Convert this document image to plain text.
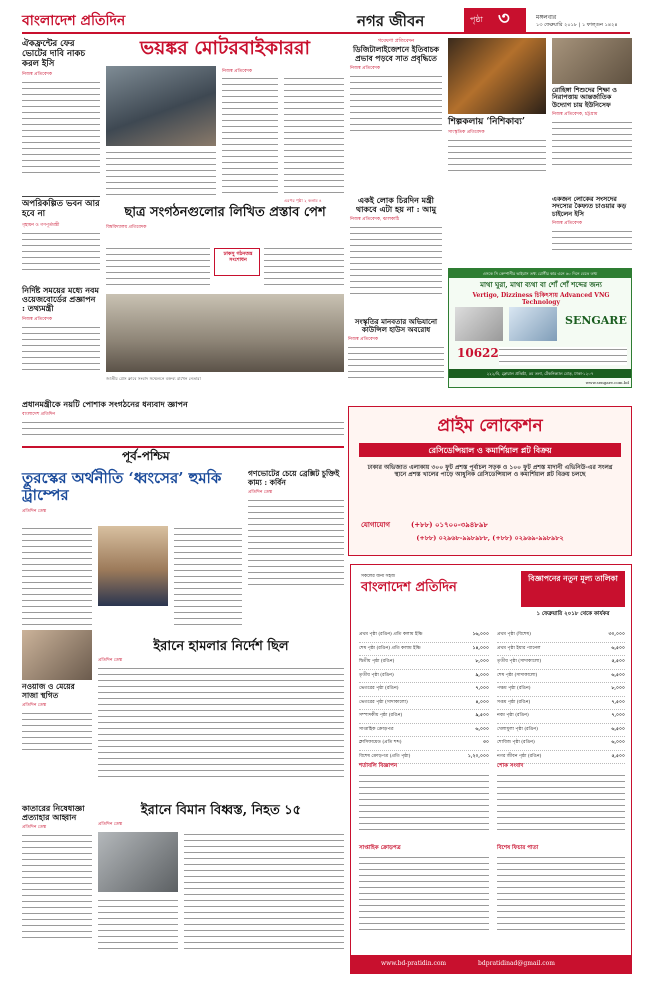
বাংলাদেশ প্রতিদিন	নগর জীবন	পৃষ্ঠা ৩	মঙ্গলবার
১৩ ফেব্রুয়ারি ২০১৮ | ১ ফাল্গুন ১৪২৪
ঐকফ্রন্টের ফের ভোটের দাবি নাকচ করল ইসি
নিজস্ব প্রতিবেদক
ভয়ঙ্কর মোটরবাইকাররা
নিজস্ব প্রতিবেদক
এরপর পৃষ্ঠা ২ কলাম ৪
অপরিকল্পিত ভবন আর হবে না
গৃহায়ন ও গণপূর্তমন্ত্রী
ছাত্র সংগঠনগুলোর লিখিত প্রস্তাব পেশ
বিশ্ববিদ্যালয় প্রতিবেদক
ঢাকসু গঠনতন্ত্র সংশোধন
জাতীয় প্রেস ক্লাবে সংবাদ সম্মেলনে বক্তব্য রাখেন নেতারা
নির্দিষ্ট সময়ের মধ্যে নবম ওয়েজবোর্ডের প্রজ্ঞাপন : তথ্যমন্ত্রী
নিজস্ব প্রতিবেদক
গবেষণা প্রতিবেদন
ডিজিটালাইজেশনে ইতিবাচক প্রভাব পড়বে সাত প্রবৃদ্ধিতে
নিজস্ব প্রতিবেদক
একই লোক চিরদিন মন্ত্রী থাকবে এটা হয় না : আমু
নিজস্ব প্রতিবেদক, ঝালকাঠি
শিল্পকলায় ‘নিশিকাব্য’
সাংস্কৃতিক প্রতিবেদক
রোহিঙ্গা শিশুদের শিক্ষা ও নিরাপত্তায় আন্তর্জাতিক উদ্যোগ চায় ইউনিসেফ
নিজস্ব প্রতিবেদক, চট্টগ্রাম
একজন লোকের সংসদের সদস্যের কৈফ্যত চাওয়ার কড় চাইলেন ইসি
নিজস্ব প্রতিবেদক
এসকে সি কেম্পানীর ভাইরাস তথ্য রোগীর কার এনে ৬০ দিনে বেতে তথ্য
মাথা ঘুরা, মাথা ব্যথা বা শোঁ শোঁ শব্দের জন্য
Vertigo, Dizziness চিকিৎসায় Advanced VNG Technology
SENGARE
10622
২২২/বি, ফ্লোরাল প্রতিষ্ঠা, ৫ম তলা, টেকনিক্যাল মোড়, ঢাকা-১২০৭
www.sengare.com.bd
সংস্কৃতির মানবতার অভিযানো কাউন্সিল হাউস অবরোধ
নিজস্ব প্রতিবেদক
প্রাইম লোকেশন
রেসিডেন্সিয়াল ও কমার্শিয়াল প্লট বিক্রয়
ঢাকার অভিজাত এলাকায় ৩০০ ফুট প্রশস্ত পূর্বাচল সড়ক ও ১০০ ফুট প্রশস্ত মাদানী এভিনিউ-এর সংলগ্ন স্থানে প্রশস্ত খালের পাড়ে আধুনিক রেসিডেন্সিয়াল ও কমার্শিয়াল প্লট বিক্রয় চলছে
যোগাযোগ	(+৮৮) ০১৭০০-৩৯৪৮৯৮
(+৮৮) ০২৯৬৮-৯৯৮৯৮৮, (+৮৮) ০২৯৬৯-৯৯৮৯৮২
পূর্ব-পশ্চিম
তুরস্কের অর্থনীতি ‘ধ্বংসের’ হুমকি ট্রাম্পের
প্রতিদিন ডেস্ক
গণভোটের চেয়ে ব্রেক্সিট চুক্তিই কাম্য : কর্বিন
প্রতিদিন ডেস্ক
নওয়াজ ও মেয়ের সাজা স্থগিত
প্রতিদিন ডেস্ক
ইরানে হামলার নির্দেশ ছিল
প্রতিদিন ডেস্ক
কাতারের নিষেধাজ্ঞা প্রত্যাহার আহ্বান
প্রতিদিন ডেস্ক
ইরানে বিমান বিধ্বস্ত, নিহত ১৫
প্রতিদিন ডেস্ক
সকলের জন্য সহজ
বাংলাদেশ প্রতিদিন
বিজ্ঞাপনের নতুন মূল্য তালিকা
১ ফেব্রুয়ারি ২০১৮ থেকে কার্যকর
প্রথম পৃষ্ঠা (রঙিন) প্রতি কলাম ইঞ্চি	১৬,০০০
শেষ পৃষ্ঠা (রঙিন) প্রতি কলাম ইঞ্চি	১৪,০০০
দ্বিতীয় পৃষ্ঠা (রঙিন)	৮,০০০
তৃতীয় পৃষ্ঠা (রঙিন)	৯,০০০
ভেতরের পৃষ্ঠা (রঙিন)	৭,০০০
ভেতরের পৃষ্ঠা (সাদাকালো)	৪,০০০
সম্পাদকীয় পৃষ্ঠা (রঙিন)	৯,৫০০
সাপ্তাহিক ক্রোড়পত্র	৬,০০০
ক্লাসিফায়েড (প্রতি শব্দ)	৩০
বিশেষ ক্রোড়পত্র (প্রতি পৃষ্ঠা)	১,২০,০০০
প্রথম পৃষ্ঠা (বিশেষ)	৩০,০০০
প্রথম পৃষ্ঠা ইয়ার প্যানেল	৬,৫০০
তৃতীয় পৃষ্ঠা (সাদাকালো)	৫,৫০০
শেষ পৃষ্ঠা (সাদাকালো)	৬,৫০০
পঞ্চম পৃষ্ঠা (রঙিন)	৮,০০০
সপ্তম পৃষ্ঠা (রঙিন)	৭,৫০০
নবম পৃষ্ঠা (রঙিন)	৭,০০০
খেলাধুলা পৃষ্ঠা (রঙিন)	৬,৫০০
শোবিজ পৃষ্ঠা (রঙিন)	৬,০০০
নগর জীবন পৃষ্ঠা (রঙিন)	৫,৫০০
শর্তাবলি বিজ্ঞাপন	শোক সংবাদ
সাপ্তাহিক ক্রোড়পত্র	বিশেষ ফিচার পাতা
www.bd-pratidin.com	bdpratidinad@gmail.com
প্রধানমন্ত্রীকে নয়টি পোশাক সংগঠনের ধন্যবাদ জ্ঞাপন
বাংলাদেশ প্রতিদিন
